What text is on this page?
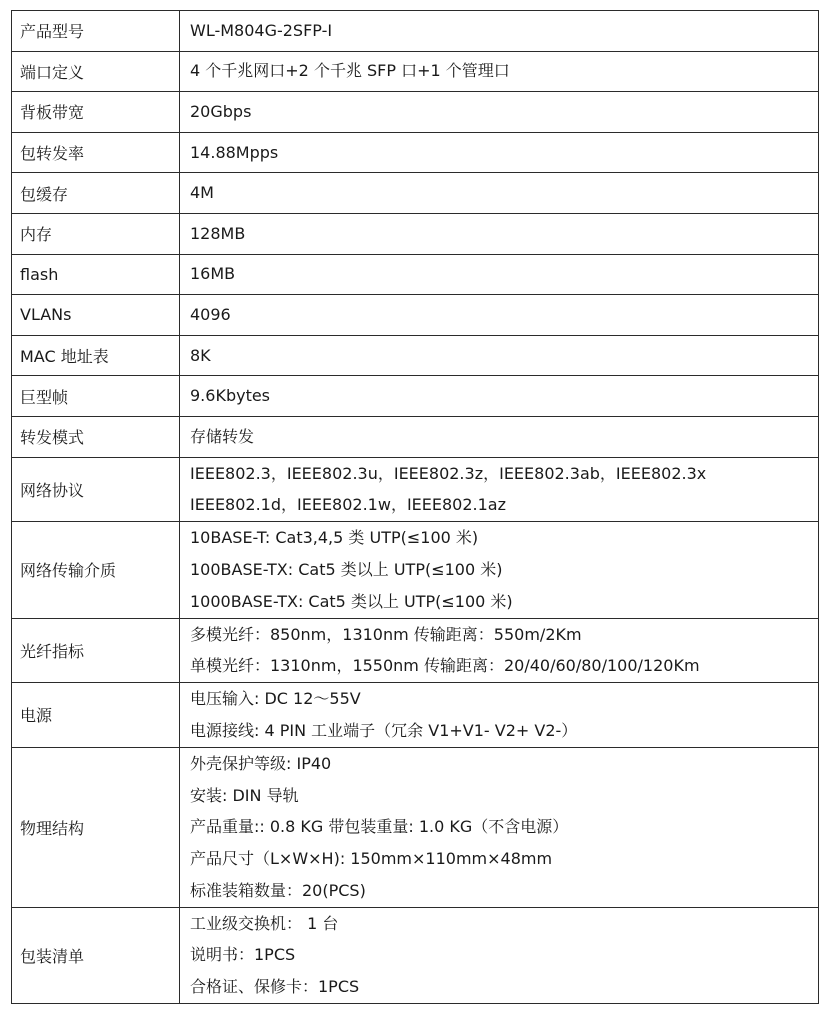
产品型号	WL-M804G-2SFP-I

端口定义	4 个千兆网口+2 个千兆 SFP 口+1 个管理口

背板带宽	20Gbps

包转发率	14.88Mpps

包缓存	4M

内存	128MB

flash	16MB

VLANs	4096

MAC 地址表	8K

巨型帧	9.6Kbytes

转发模式	存储转发

网络协议	IEEE802.3，IEEE802.3u，IEEE802.3z，IEEE802.3ab，IEEE802.3x
IEEE802.1d，IEEE802.1w，IEEE802.1az

网络传输介质	10BASE-T: Cat3,4,5 类 UTP(≤100 米)
100BASE-TX: Cat5 类以上 UTP(≤100 米)
1000BASE-TX: Cat5 类以上 UTP(≤100 米)

光纤指标	多模光纤：850nm，1310nm 传输距离：550m/2Km
单模光纤：1310nm，1550nm 传输距离：20/40/60/80/100/120Km

电源	电压输入: DC 12～55V
电源接线: 4 PIN 工业端子（冗余 V1+V1- V2+ V2-）

物理结构	外壳保护等级: IP40
安装: DIN 导轨
产品重量:: 0.8 KG 带包装重量: 1.0 KG（不含电源）
产品尺寸（L×W×H): 150mm×110mm×48mm
标准装箱数量：20(PCS)

包装清单	工业级交换机： 1 台
说明书：1PCS
合格证、保修卡：1PCS
